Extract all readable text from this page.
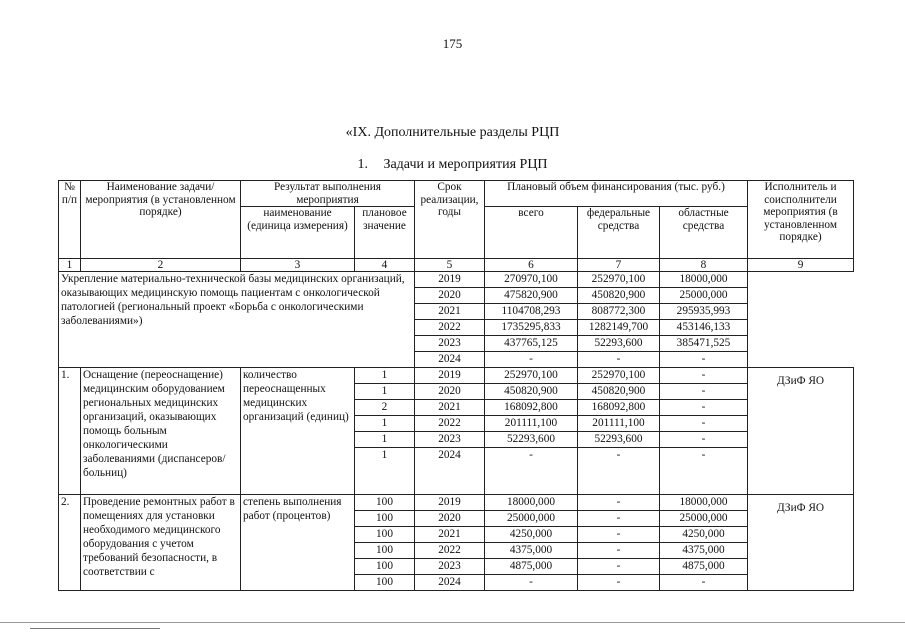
175
«IX. Дополнительные разделы РЦП
1. Задачи и мероприятия РЦП
№ п/п	Наименование задачи/мероприятия (в установленном порядке)	Результат выполнения мероприятия		Срок реализации, годы	Плановый объем финансирования (тыс. руб.)			Исполнитель и соисполнители мероприятия (в установленном порядке)
		наименование (единица измерения)	плановое значение		всего	федеральные средства	областные средства	
1	2	3	4	5	6	7	8	9
Укрепление материально-технической базы медицинских организаций, оказывающих медицинскую помощь пациентам с онкологической патологией (региональный проект «Борьба с онкологическими заболеваниями»)				2019	270970,100	252970,100	18000,000	
				2020	475820,900	450820,900	25000,000	
				2021	1104708,293	808772,300	295935,993	
				2022	1735295,833	1282149,700	453146,133	
				2023	437765,125	52293,600	385471,525	
				2024	-	-	-	
1.	Оснащение (переоснащение) медицинским оборудованием региональных медицинских организаций, оказывающих помощь больным онкологическими заболеваниями (диспансеров/больниц)	количество переоснащенных медицинских организаций (единиц)	1	2019	252970,100	252970,100	-	ДЗиФ ЯО
			1	2020	450820,900	450820,900	-	
			2	2021	168092,800	168092,800	-	
			1	2022	201111,100	201111,100	-	
			1	2023	52293,600	52293,600	-	
			1	2024	-	-	-	
2.	Проведение ремонтных работ в помещениях для установки необходимого медицинского оборудования с учетом требований безопасности, в соответствии с	степень выполнения работ (процентов)	100	2019	18000,000	-	18000,000	ДЗиФ ЯО
			100	2020	25000,000	-	25000,000	
			100	2021	4250,000	-	4250,000	
			100	2022	4375,000	-	4375,000	
			100	2023	4875,000	-	4875,000	
			100	2024	-	-	-	
